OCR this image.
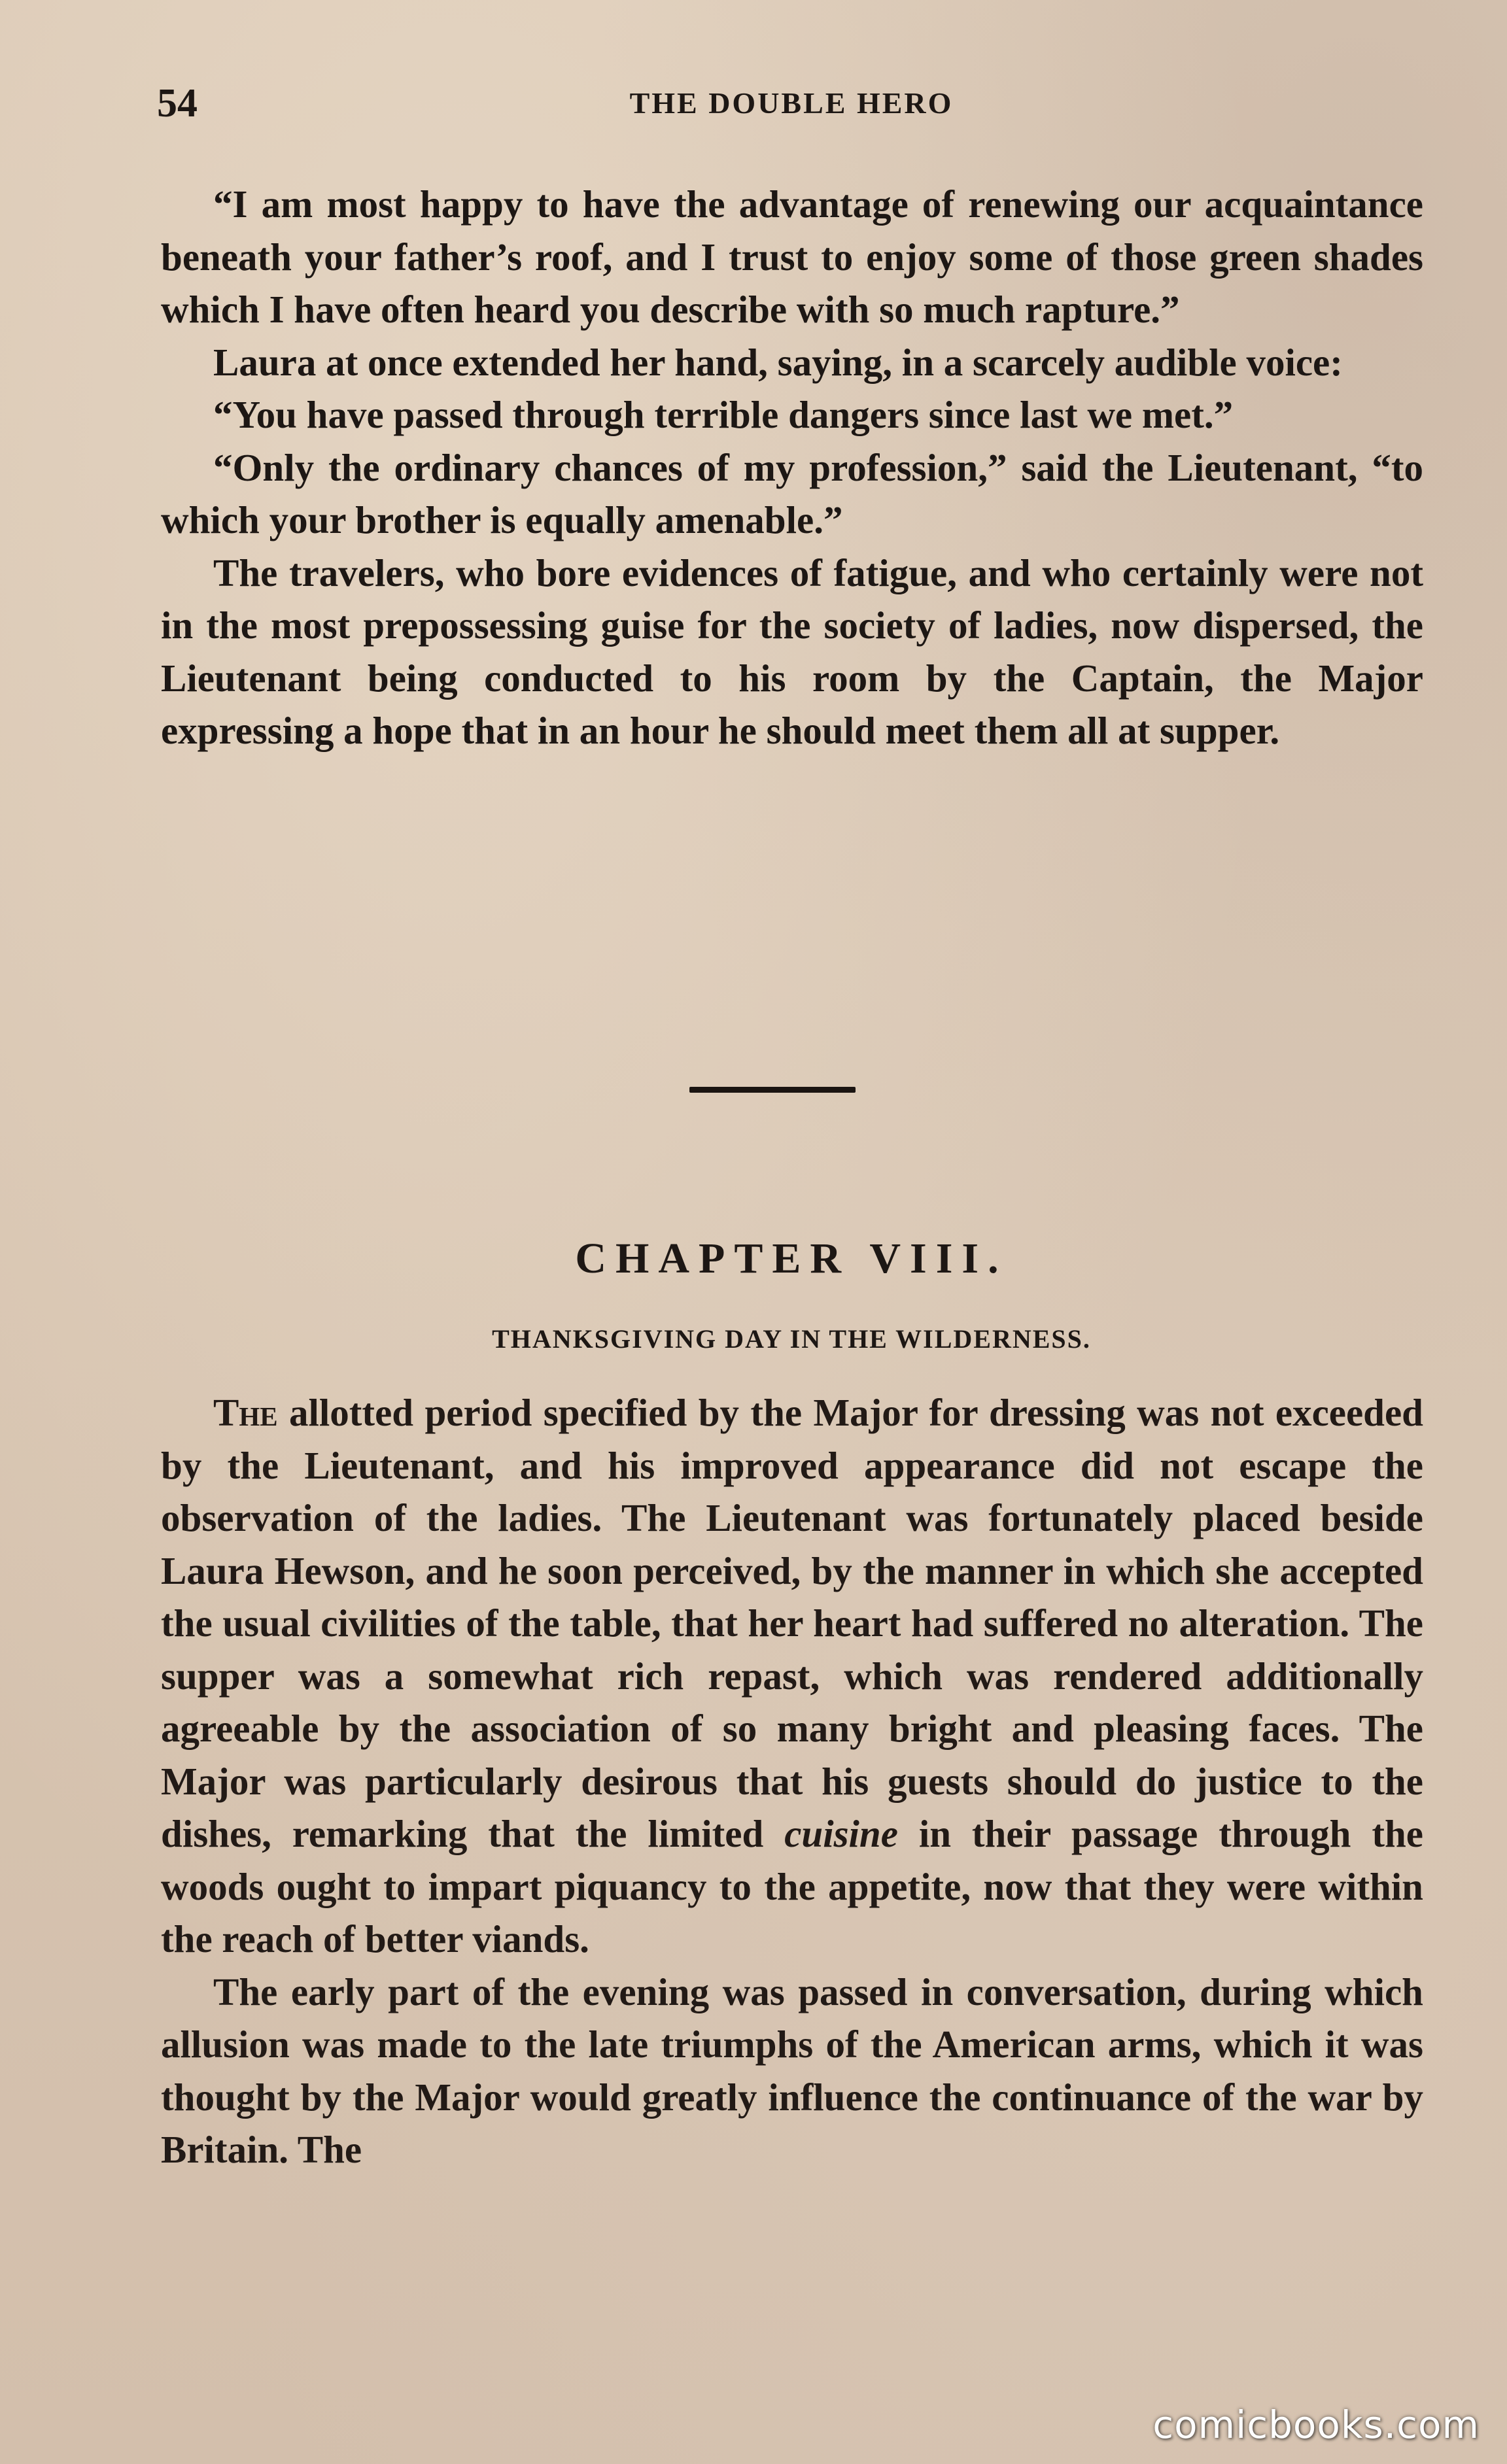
54	THE DOUBLE HERO

“I am most happy to have the advantage of renewing our acquaintance beneath your father’s roof, and I trust to enjoy some of those green shades which I have often heard you describe with so much rapture.”

Laura at once extended her hand, saying, in a scarcely audible voice:

“You have passed through terrible dangers since last we met.”

“Only the ordinary chances of my profession,” said the Lieutenant, “to which your brother is equally amenable.”

The travelers, who bore evidences of fatigue, and who certainly were not in the most prepossessing guise for the society of ladies, now dispersed, the Lieutenant being conducted to his room by the Captain, the Major expressing a hope that in an hour he should meet them all at supper.

CHAPTER VIII.
THANKSGIVING DAY IN THE WILDERNESS.

The allotted period specified by the Major for dressing was not exceeded by the Lieutenant, and his improved appearance did not escape the observation of the ladies. The Lieutenant was fortunately placed beside Laura Hewson, and he soon perceived, by the manner in which she accepted the usual civilities of the table, that her heart had suffered no alteration. The supper was a somewhat rich repast, which was rendered additionally agreeable by the association of so many bright and pleasing faces. The Major was particularly desirous that his guests should do justice to the dishes, remarking that the limited cuisine in their passage through the woods ought to impart piquancy to the appetite, now that they were within the reach of better viands.

The early part of the evening was passed in conversation, during which allusion was made to the late triumphs of the American arms, which it was thought by the Major would greatly influence the continuance of the war by Britain. The

comicbooks.com
